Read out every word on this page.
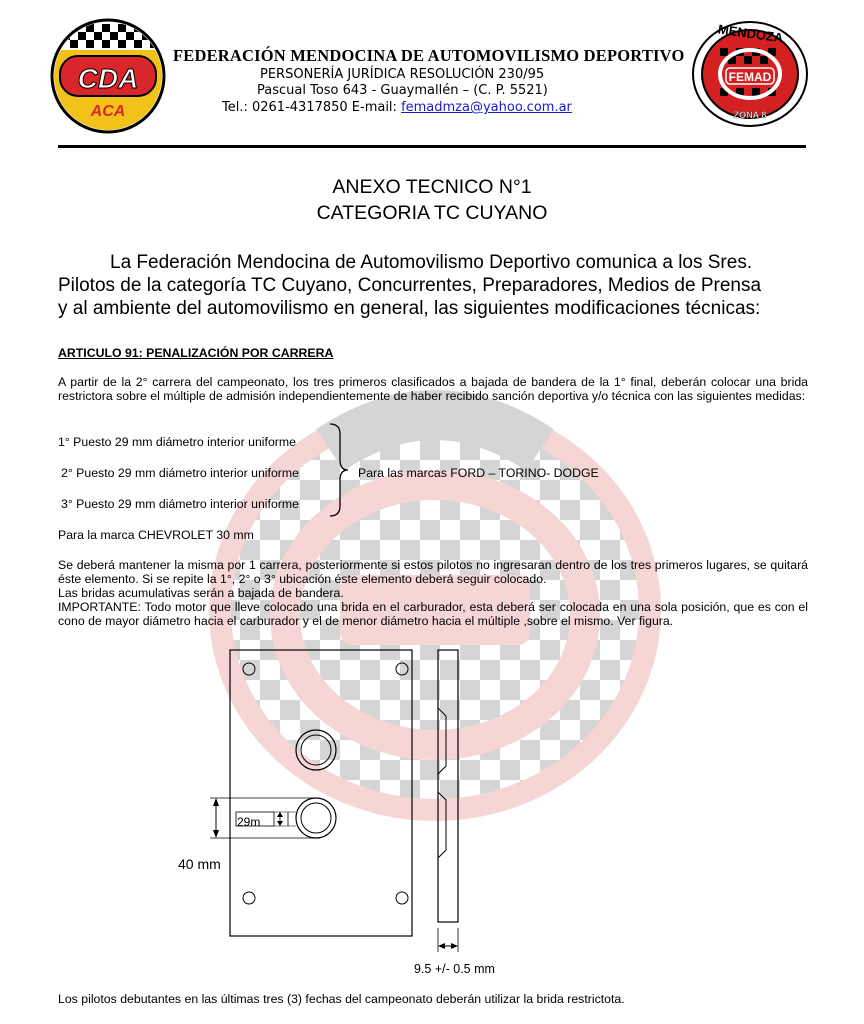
CDA
ACA
FEDERACIÓN MENDOCINA DE AUTOMOVILISMO DEPORTIVO
PERSONERÍA JURÍDICA RESOLUCIÓN 230/95
Pascual Toso 643 - Guaymallén – (C. P. 5521)
Tel.: 0261-4317850 E-mail: femadmza@yahoo.com.ar
FEMAD
MENDOZA
ZONA 8
ANEXO TECNICO N°1
CATEGORIA TC CUYANO
La Federación Mendocina de Automovilismo Deportivo comunica a los Sres.
Pilotos de la categoría TC Cuyano, Concurrentes, Preparadores, Medios de Prensa
y al ambiente del automovilismo en general, las siguientes modificaciones técnicas:
ARTICULO 91: PENALIZACIÓN POR CARRERA
A partir de la 2° carrera del campeonato, los tres primeros clasificados a bajada de bandera de la 1° final, deberán colocar una brida restrictora sobre el múltiple de admisión independientemente de haber recibido sanción deportiva y/o técnica con las siguientes medidas:
1° Puesto 29 mm diámetro interior uniforme
2° Puesto 29 mm diámetro interior uniforme
3° Puesto 29 mm diámetro interior uniforme
Para las marcas FORD – TORINO- DODGE
Para la marca CHEVROLET 30 mm
Se deberá mantener la misma por 1 carrera, posteriormente si estos pilotos no ingresaran dentro de los tres primeros lugares, se quitará éste elemento. Si se repite la 1°, 2° o 3° ubicación éste elemento deberá seguir colocado.
Las bridas acumulativas serán a bajada de bandera.
IMPORTANTE: Todo motor que lleve colocado una brida en el carburador, esta deberá ser colocada en una sola posición, que es con el cono de mayor diámetro hacia el carburador y el de menor diámetro hacia el múltiple ,sobre el mismo. Ver figura.
29m
40 mm
9.5 +/- 0.5 mm
Los pilotos debutantes en las últimas tres (3) fechas del campeonato deberán utilizar la brida restrictota.
